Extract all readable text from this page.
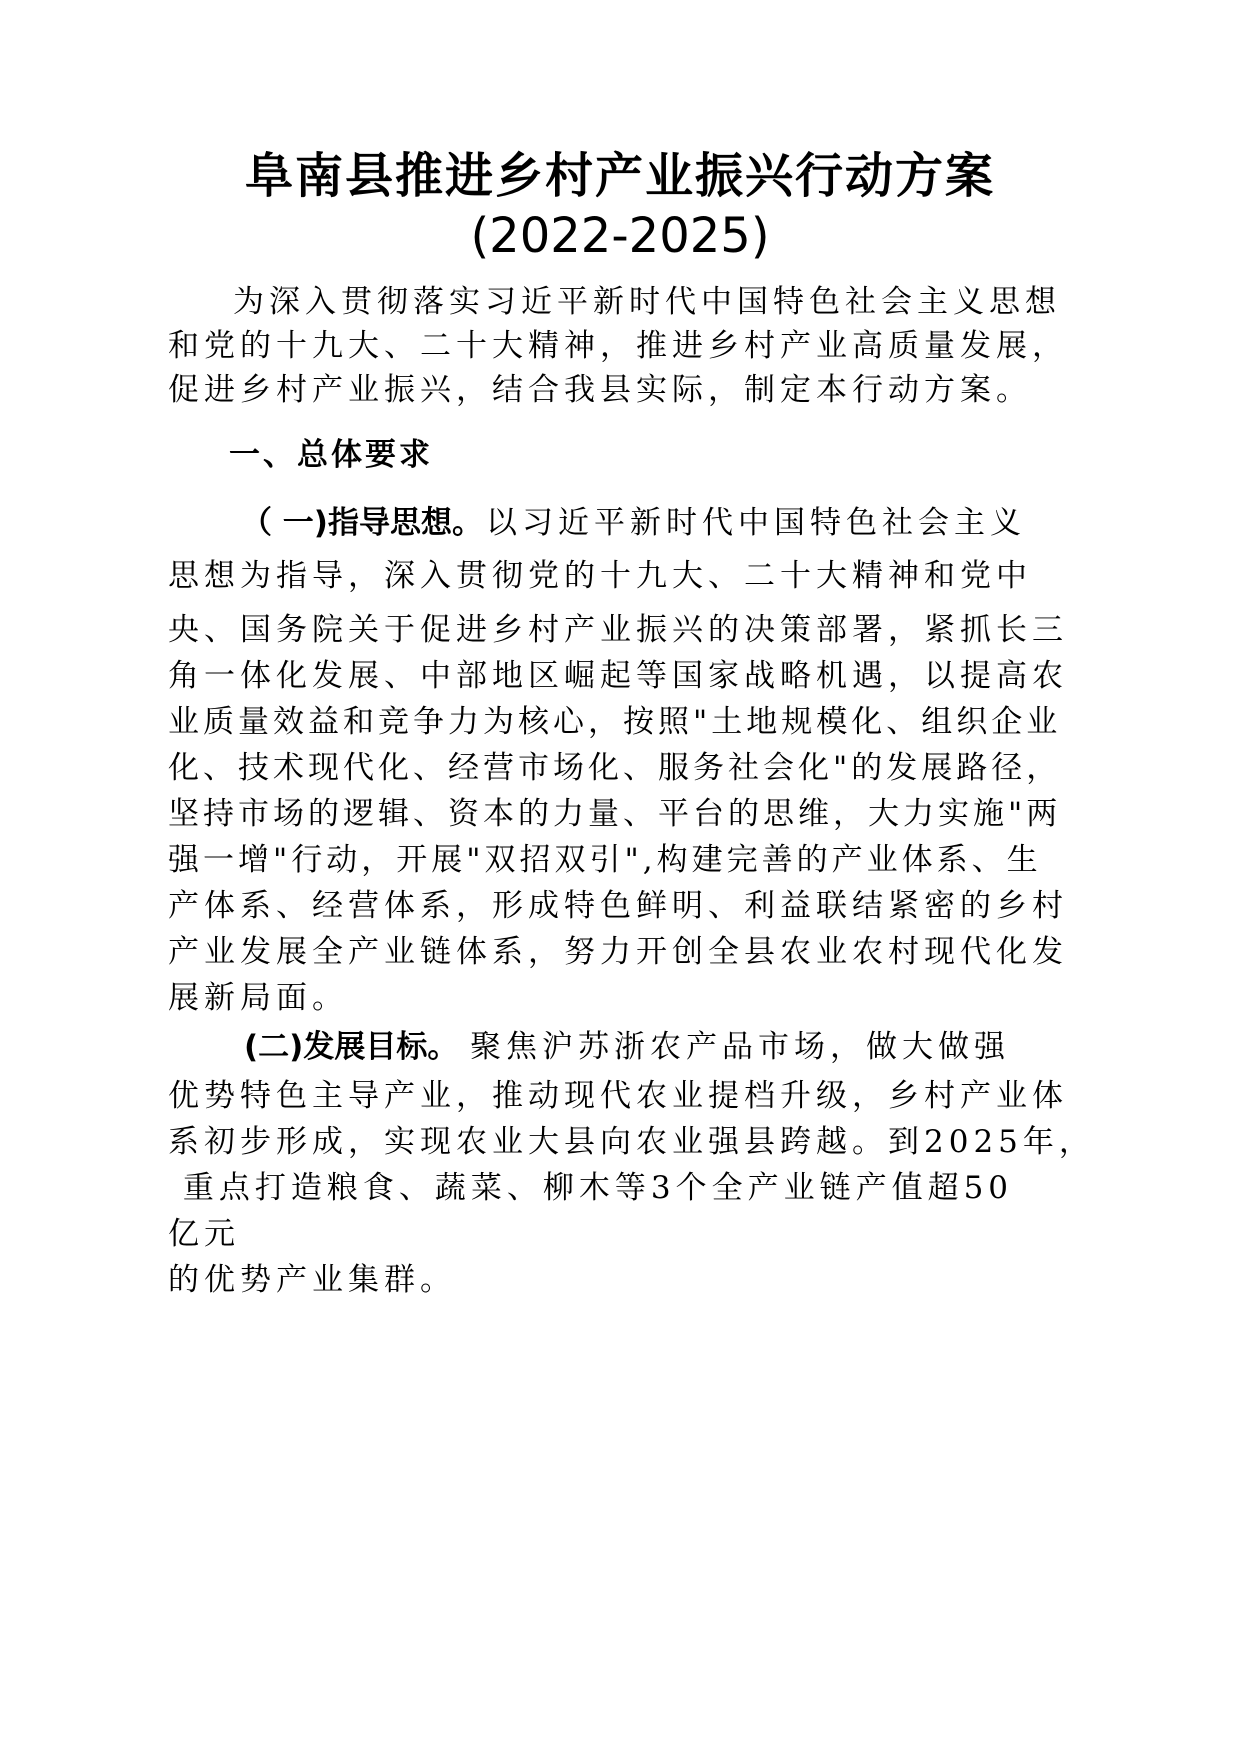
阜南县推进乡村产业振兴行动方案
(2022-2025)
为深入贯彻落实习近平新时代中国特色社会主义思想
和党的十九大、二十大精神，推进乡村产业高质量发展，
促进乡村产业振兴，结合我县实际，制定本行动方案。
一、总体要求
（ 一)指导思想。 以习近平新时代中国特色社会主义
思想为指导，深入贯彻党的十九大、二十大精神和党中
央、国务院关于促进乡村产业振兴的决策部署，紧抓长三
角一体化发展、中部地区崛起等国家战略机遇，以提高农
业质量效益和竞争力为核心，按照"土地规模化、组织企业
化、技术现代化、经营市场化、服务社会化"的发展路径，
坚持市场的逻辑、资本的力量、平台的思维，大力实施"两
强一增"行动，开展"双招双引",构建完善的产业体系、生
产体系、经营体系，形成特色鲜明、利益联结紧密的乡村
产业发展全产业链体系，努力开创全县农业农村现代化发
展新局面。
(二)发展目标。 聚焦沪苏浙农产品市场，做大做强
优势特色主导产业，推动现代农业提档升级，乡村产业体
系初步形成，实现农业大县向农业强县跨越。到2025年，
重点打造粮食、蔬菜、柳木等3个全产业链产值超50
亿元
的优势产业集群。
